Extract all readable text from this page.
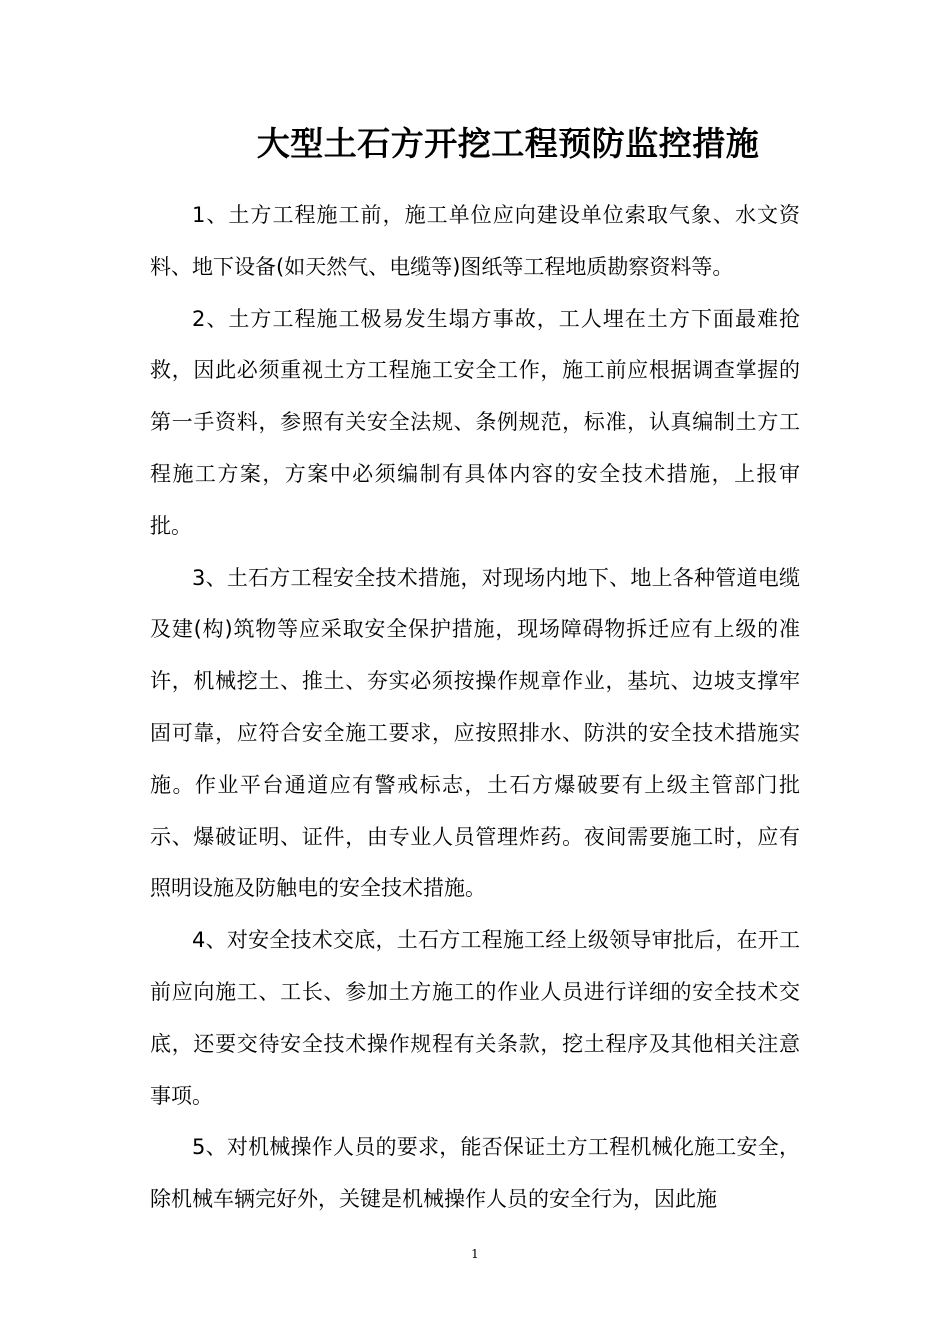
大型土石方开挖工程预防监控措施

1、土方工程施工前，施工单位应向建设单位索取气象、水文资料、地下设备(如天然气、电缆等)图纸等工程地质勘察资料等。

2、土方工程施工极易发生塌方事故，工人埋在土方下面最难抢救，因此必须重视土方工程施工安全工作，施工前应根据调查掌握的第一手资料，参照有关安全法规、条例规范，标准，认真编制土方工程施工方案，方案中必须编制有具体内容的安全技术措施，上报审批。

3、土石方工程安全技术措施，对现场内地下、地上各种管道电缆及建(构)筑物等应采取安全保护措施，现场障碍物拆迁应有上级的准许，机械挖土、推土、夯实必须按操作规章作业，基坑、边坡支撑牢固可靠，应符合安全施工要求，应按照排水、防洪的安全技术措施实施。作业平台通道应有警戒标志，土石方爆破要有上级主管部门批示、爆破证明、证件，由专业人员管理炸药。夜间需要施工时，应有照明设施及防触电的安全技术措施。

4、对安全技术交底，土石方工程施工经上级领导审批后，在开工前应向施工、工长、参加土方施工的作业人员进行详细的安全技术交底，还要交待安全技术操作规程有关条款，挖土程序及其他相关注意事项。

5、对机械操作人员的要求，能否保证土方工程机械化施工安全，除机械车辆完好外，关键是机械操作人员的安全行为，因此施

1
